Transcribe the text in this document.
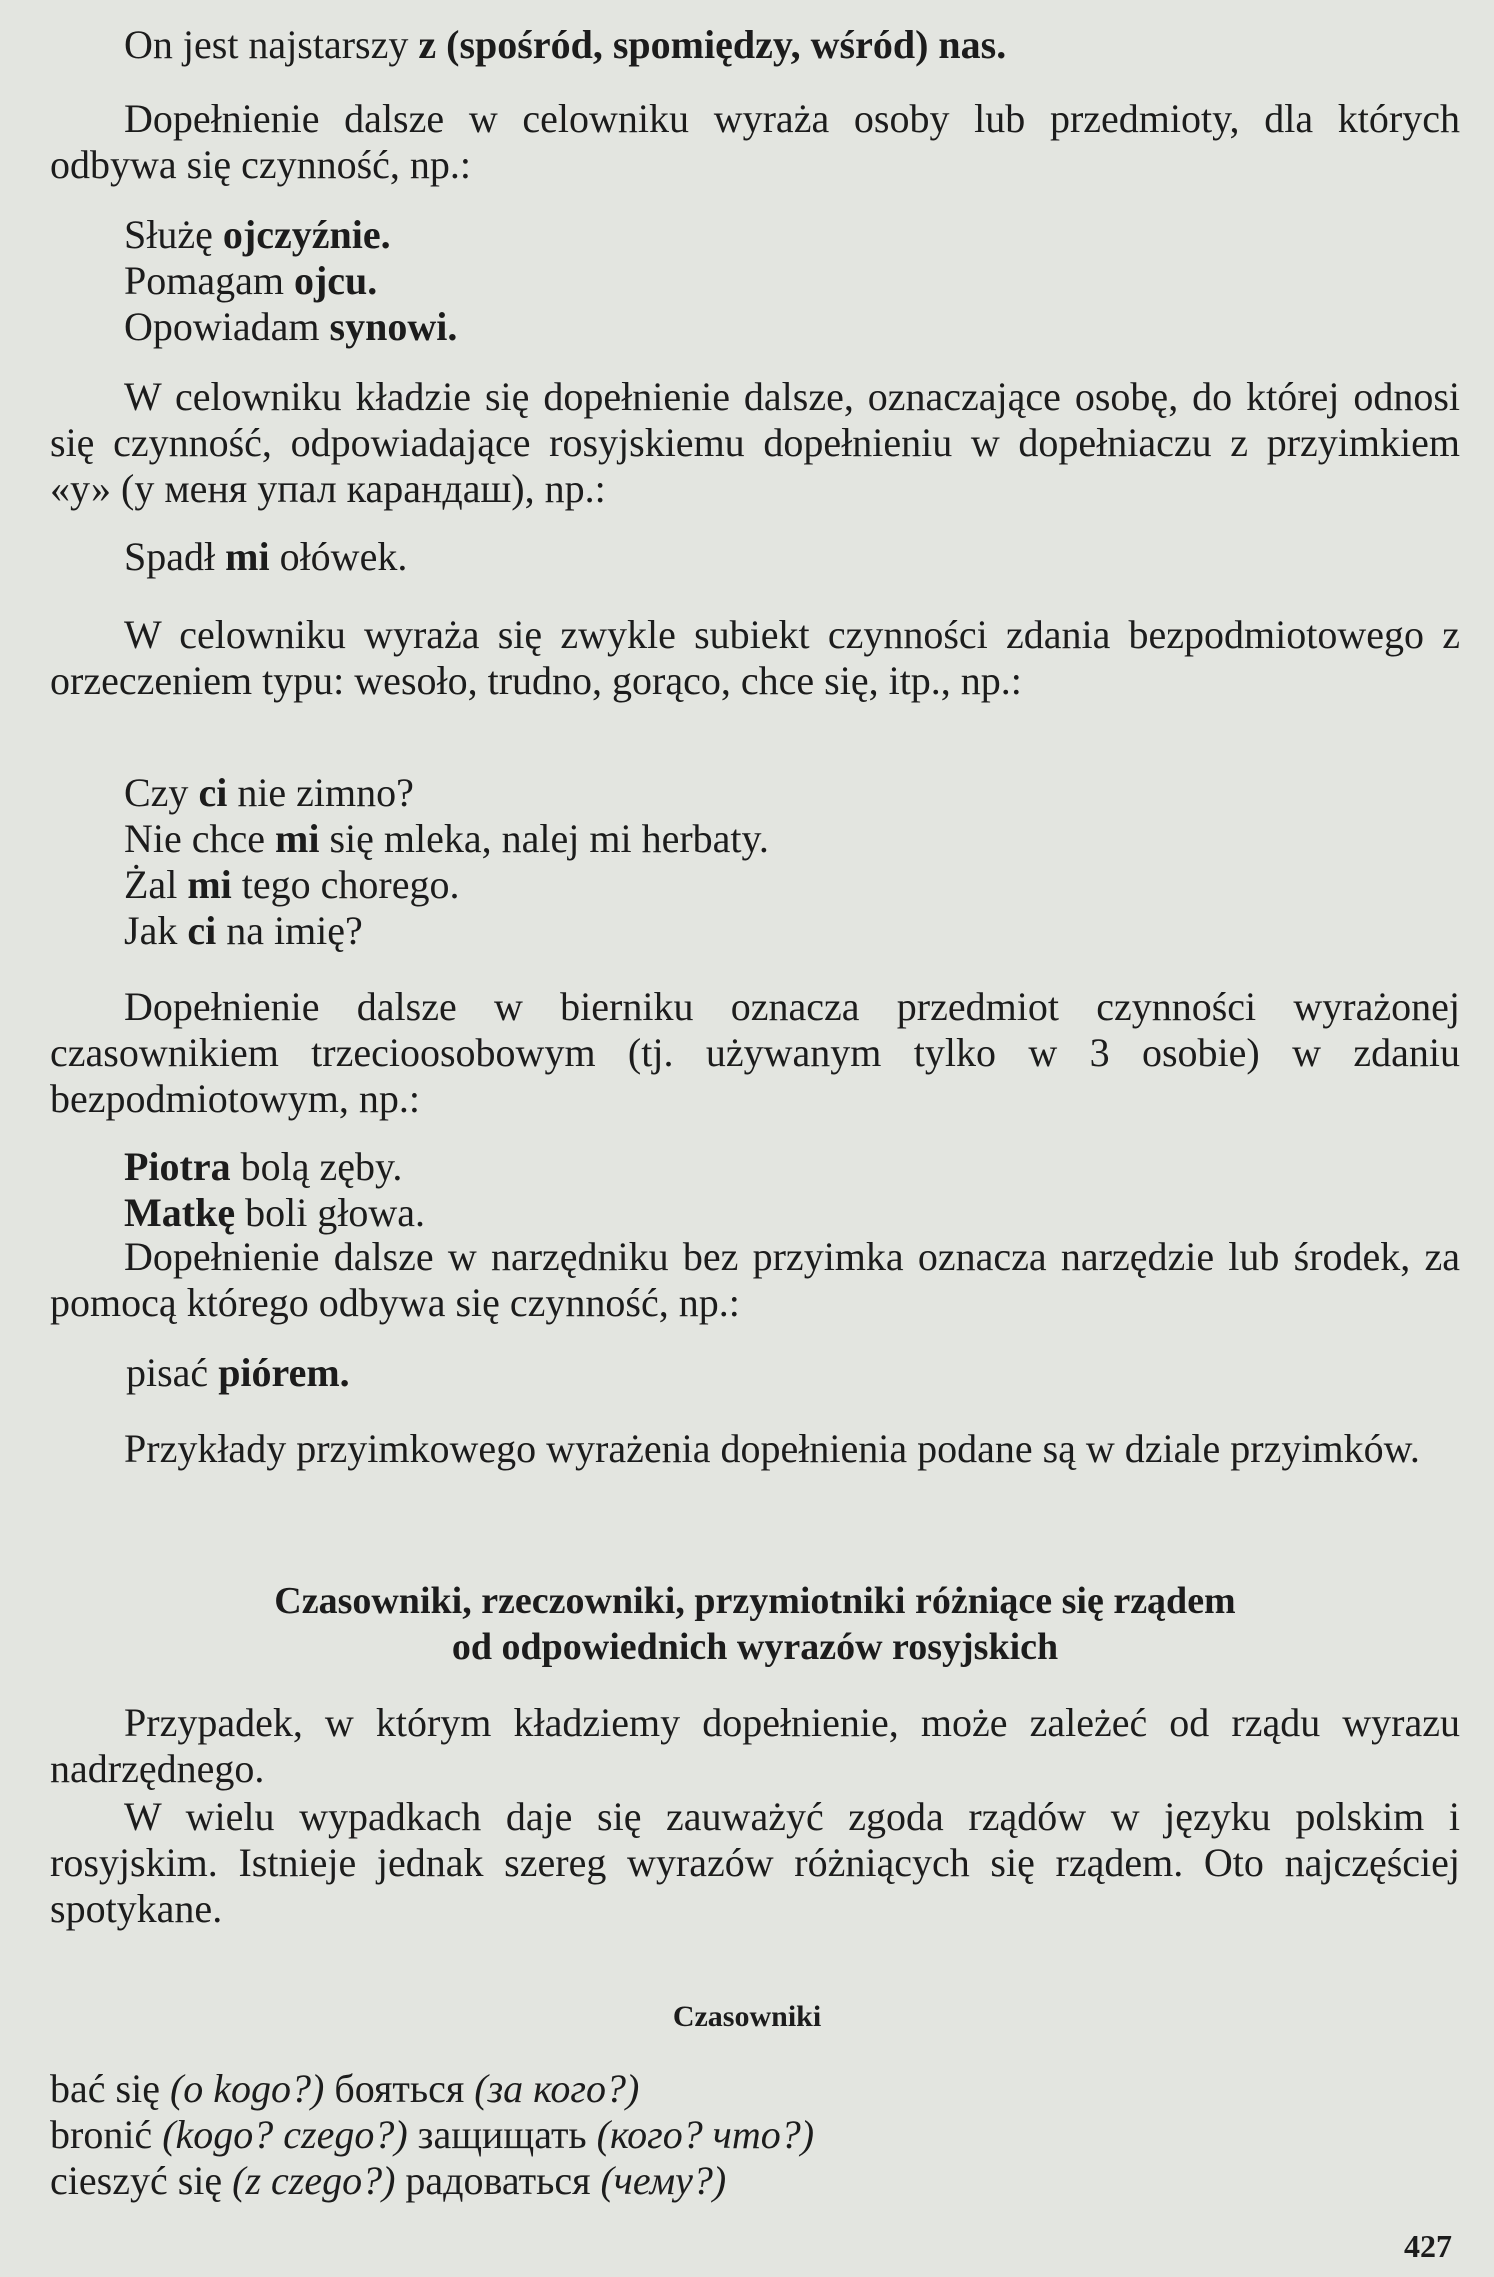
On jest najstarszy z (spośród, spomiędzy, wśród) nas.
Dopełnienie dalsze w celowniku wyraża osoby lub przedmioty, dla których odbywa się czynność, np.:
Służę ojczyźnie.
Pomagam ojcu.
Opowiadam synowi.
W celowniku kładzie się dopełnienie dalsze, oznaczające osobę, do której odnosi się czynność, odpowiadające rosyjskiemu dopełnieniu w dopełniaczu z przyimkiem «у» (у меня упал карандаш), np.:
Spadł mi ołówek.
W celowniku wyraża się zwykle subiekt czynności zdania bezpodmiotowego z orzeczeniem typu: wesoło, trudno, gorąco, chce się, itp., np.:
Czy ci nie zimno?
Nie chce mi się mleka, nalej mi herbaty.
Żal mi tego chorego.
Jak ci na imię?
Dopełnienie dalsze w bierniku oznacza przedmiot czynności wyrażonej czasownikiem trzecioosobowym (tj. używanym tylko w 3 osobie) w zdaniu bezpodmiotowym, np.:
Piotra bolą zęby.
Matkę boli głowa.
Dopełnienie dalsze w narzędniku bez przyimka oznacza narzędzie lub środek, za pomocą którego odbywa się czynność, np.:
pisać piórem.
Przykłady przyimkowego wyrażenia dopełnienia podane są w dziale przyimków.
Czasowniki, rzeczowniki, przymiotniki różniące się rządem
od odpowiednich wyrazów rosyjskich
Przypadek, w którym kładziemy dopełnienie, może zależeć od rządu wyrazu nadrzędnego.
W wielu wypadkach daje się zauważyć zgoda rządów w języku polskim i rosyjskim. Istnieje jednak szereg wyrazów różniących się rządem. Oto najczęściej spotykane.
Czasowniki
bać się (o kogo?) бояться (за кого?)
bronić (kogo? czego?) защищать (кого? что?)
cieszyć się (z czego?) радоваться (чему?)
427
